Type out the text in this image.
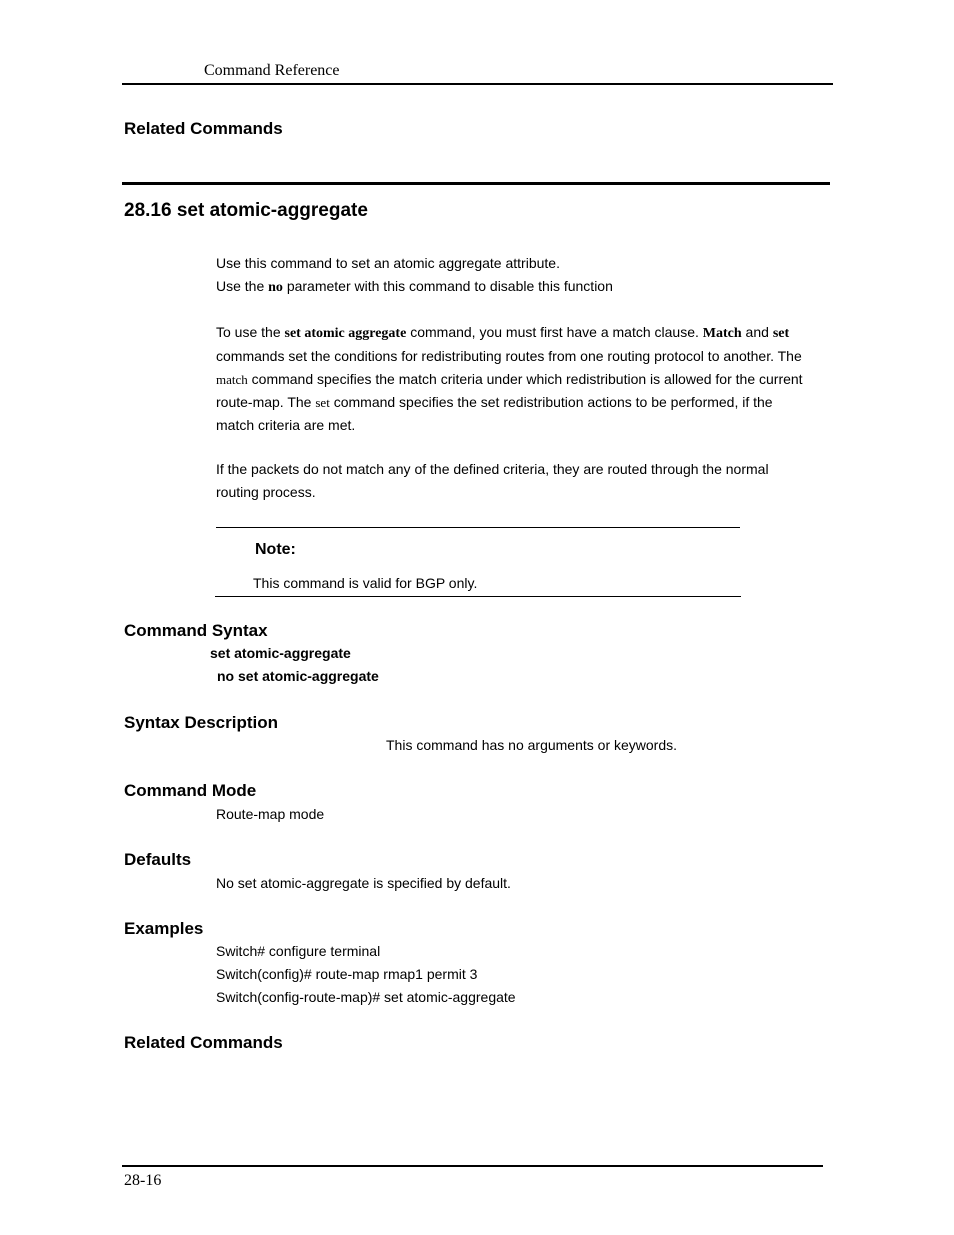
Command Reference
Related Commands
28.16 set atomic-aggregate
Use this command to set an atomic aggregate attribute.
Use the no parameter with this command to disable this function
To use the set atomic aggregate command, you must first have a match clause. Match and set
commands set the conditions for redistributing routes from one routing protocol to another. The
match command specifies the match criteria under which redistribution is allowed for the current
route-map. The set command specifies the set redistribution actions to be performed, if the
match criteria are met.
If the packets do not match any of the defined criteria, they are routed through the normal
routing process.
Note:
This command is valid for BGP only.
Command Syntax
set atomic-aggregate
no set atomic-aggregate
Syntax Description
This command has no arguments or keywords.
Command Mode
Route-map mode
Defaults
No set atomic-aggregate is specified by default.
Examples
Switch# configure terminal
Switch(config)# route-map rmap1 permit 3
Switch(config-route-map)# set atomic-aggregate
Related Commands
28-16
